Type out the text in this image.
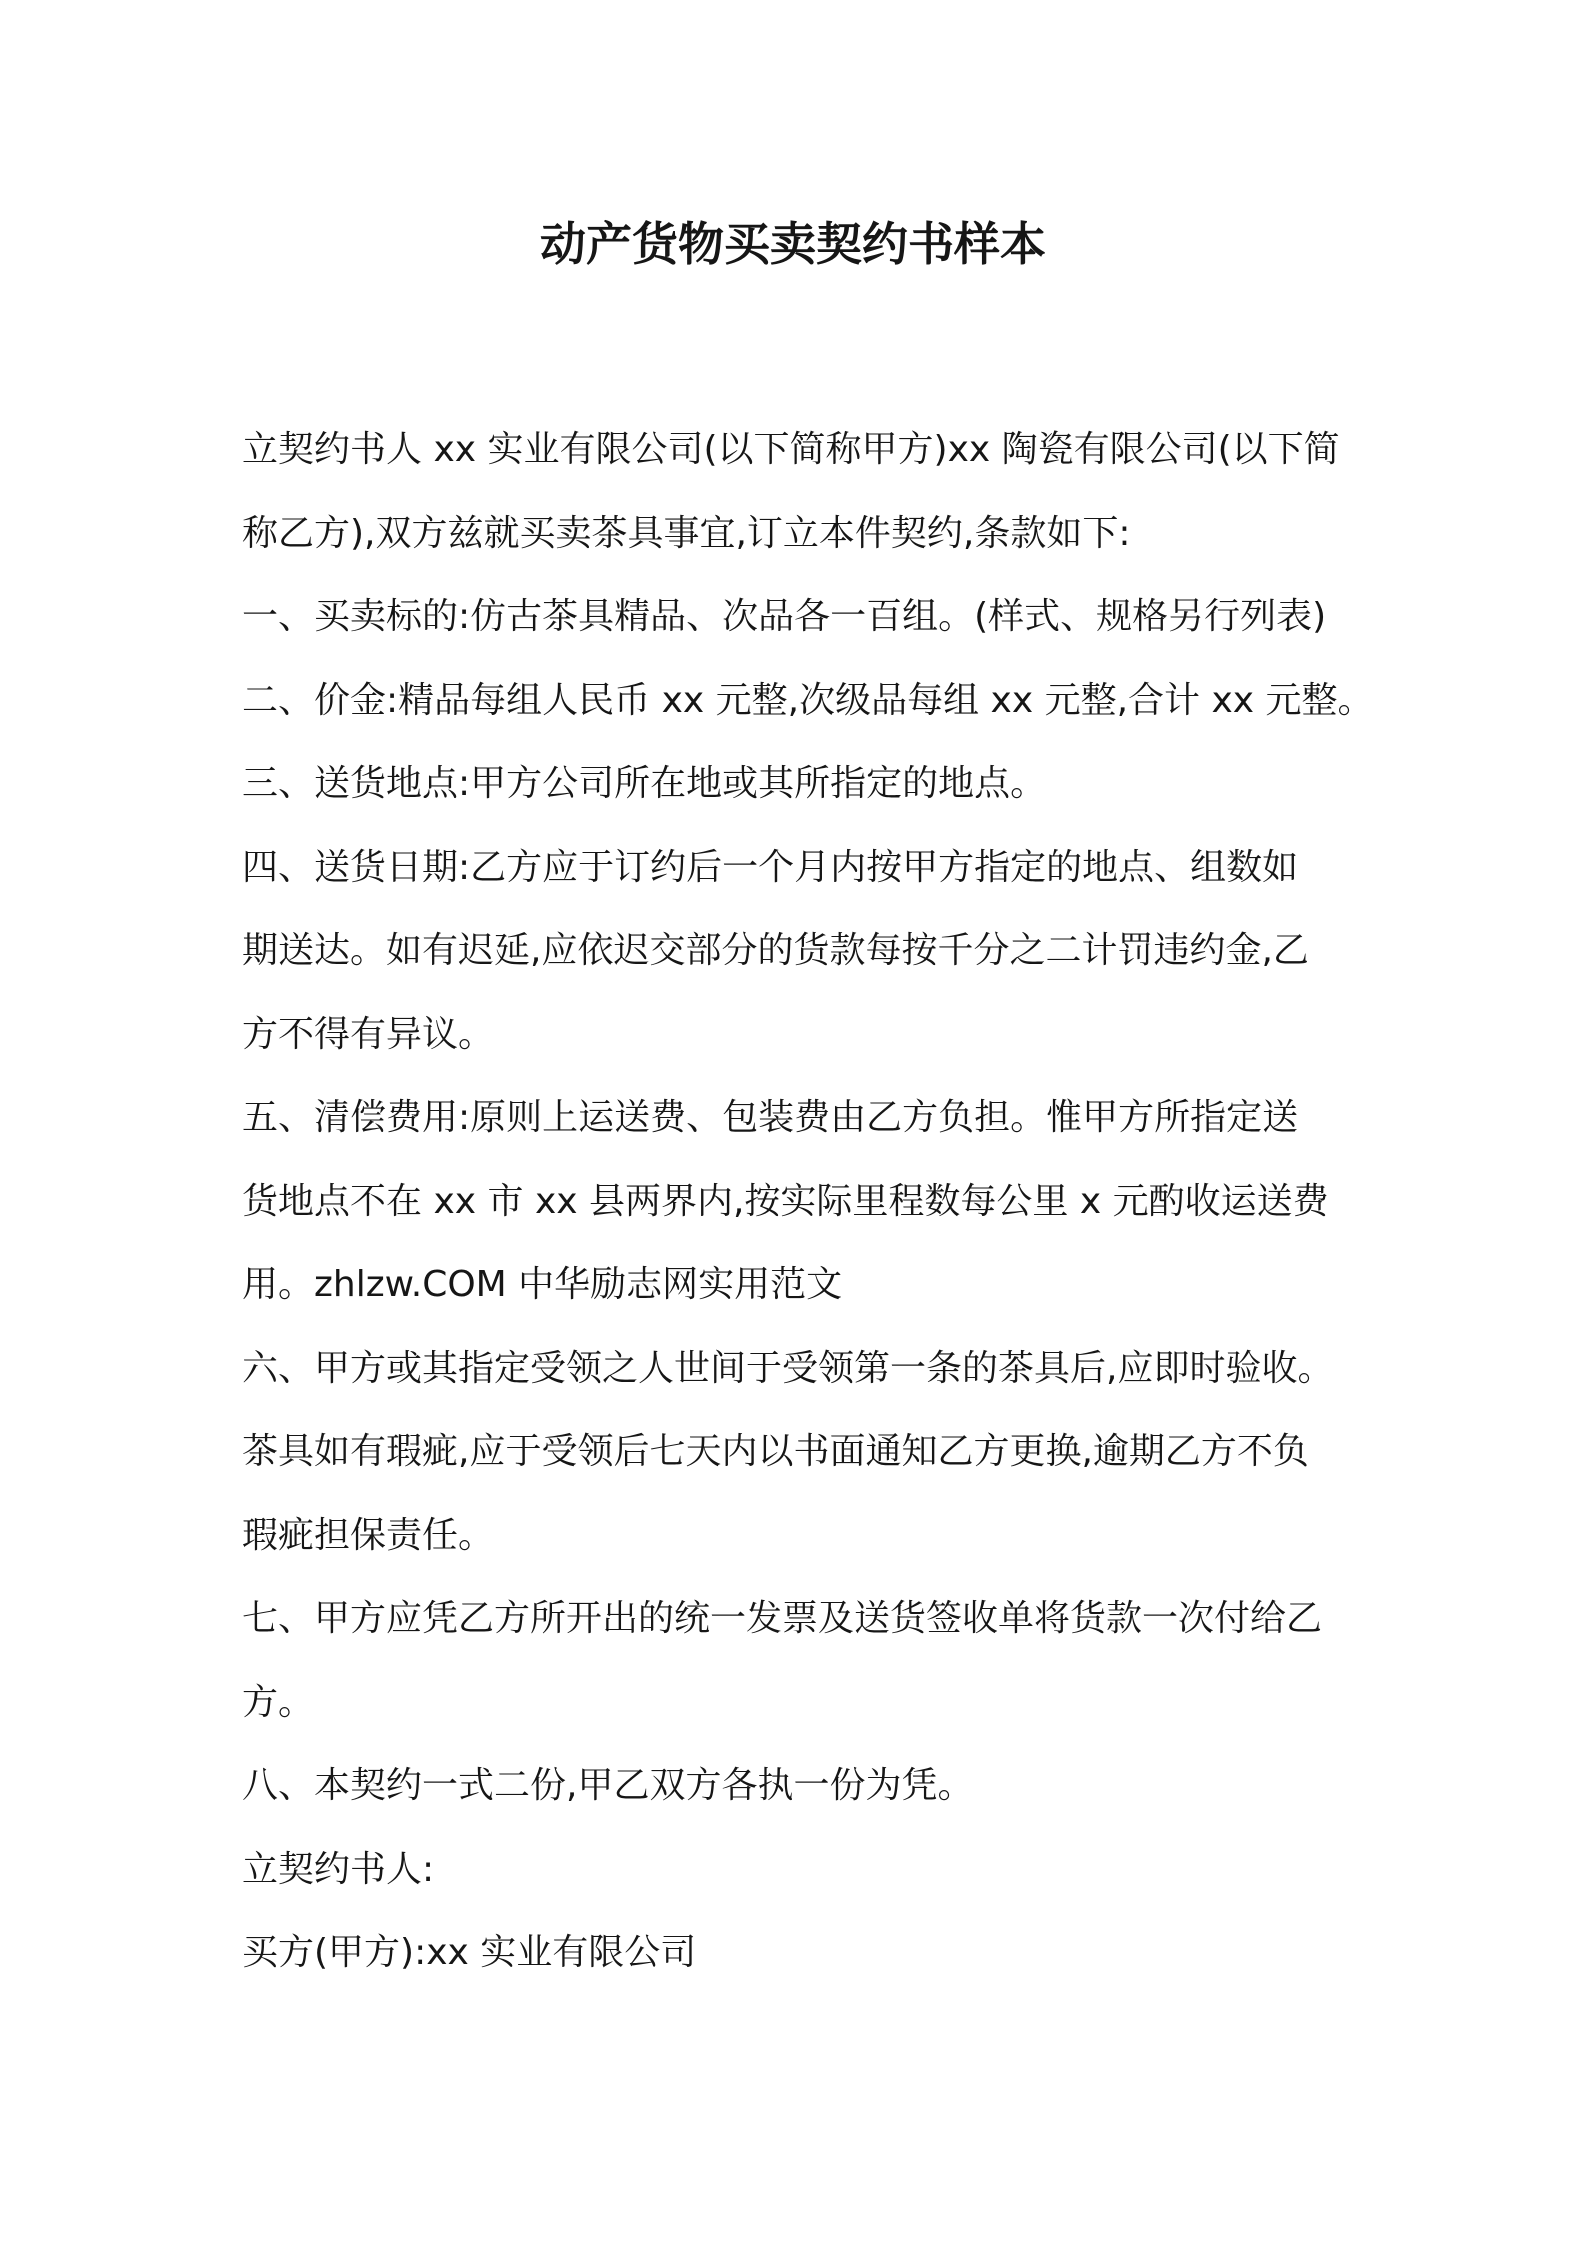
动产货物买卖契约书样本

立契约书人 xx 实业有限公司(以下简称甲方)xx 陶瓷有限公司(以下简
称乙方),双方兹就买卖茶具事宜,订立本件契约,条款如下:

一、买卖标的:仿古茶具精品、次品各一百组。(样式、规格另行列表)

二、价金:精品每组人民币 xx 元整,次级品每组 xx 元整,合计 xx 元整。

三、送货地点:甲方公司所在地或其所指定的地点。

四、送货日期:乙方应于订约后一个月内按甲方指定的地点、组数如
期送达。如有迟延,应依迟交部分的货款每按千分之二计罚违约金,乙
方不得有异议。

五、清偿费用:原则上运送费、包装费由乙方负担。惟甲方所指定送
货地点不在 xx 市 xx 县两界内,按实际里程数每公里 x 元酌收运送费
用。zhlzw.COM 中华励志网实用范文

六、甲方或其指定受领之人世间于受领第一条的茶具后,应即时验收。
茶具如有瑕疵,应于受领后七天内以书面通知乙方更换,逾期乙方不负
瑕疵担保责任。

七、甲方应凭乙方所开出的统一发票及送货签收单将货款一次付给乙
方。

八、本契约一式二份,甲乙双方各执一份为凭。

立契约书人:

买方(甲方):xx 实业有限公司
